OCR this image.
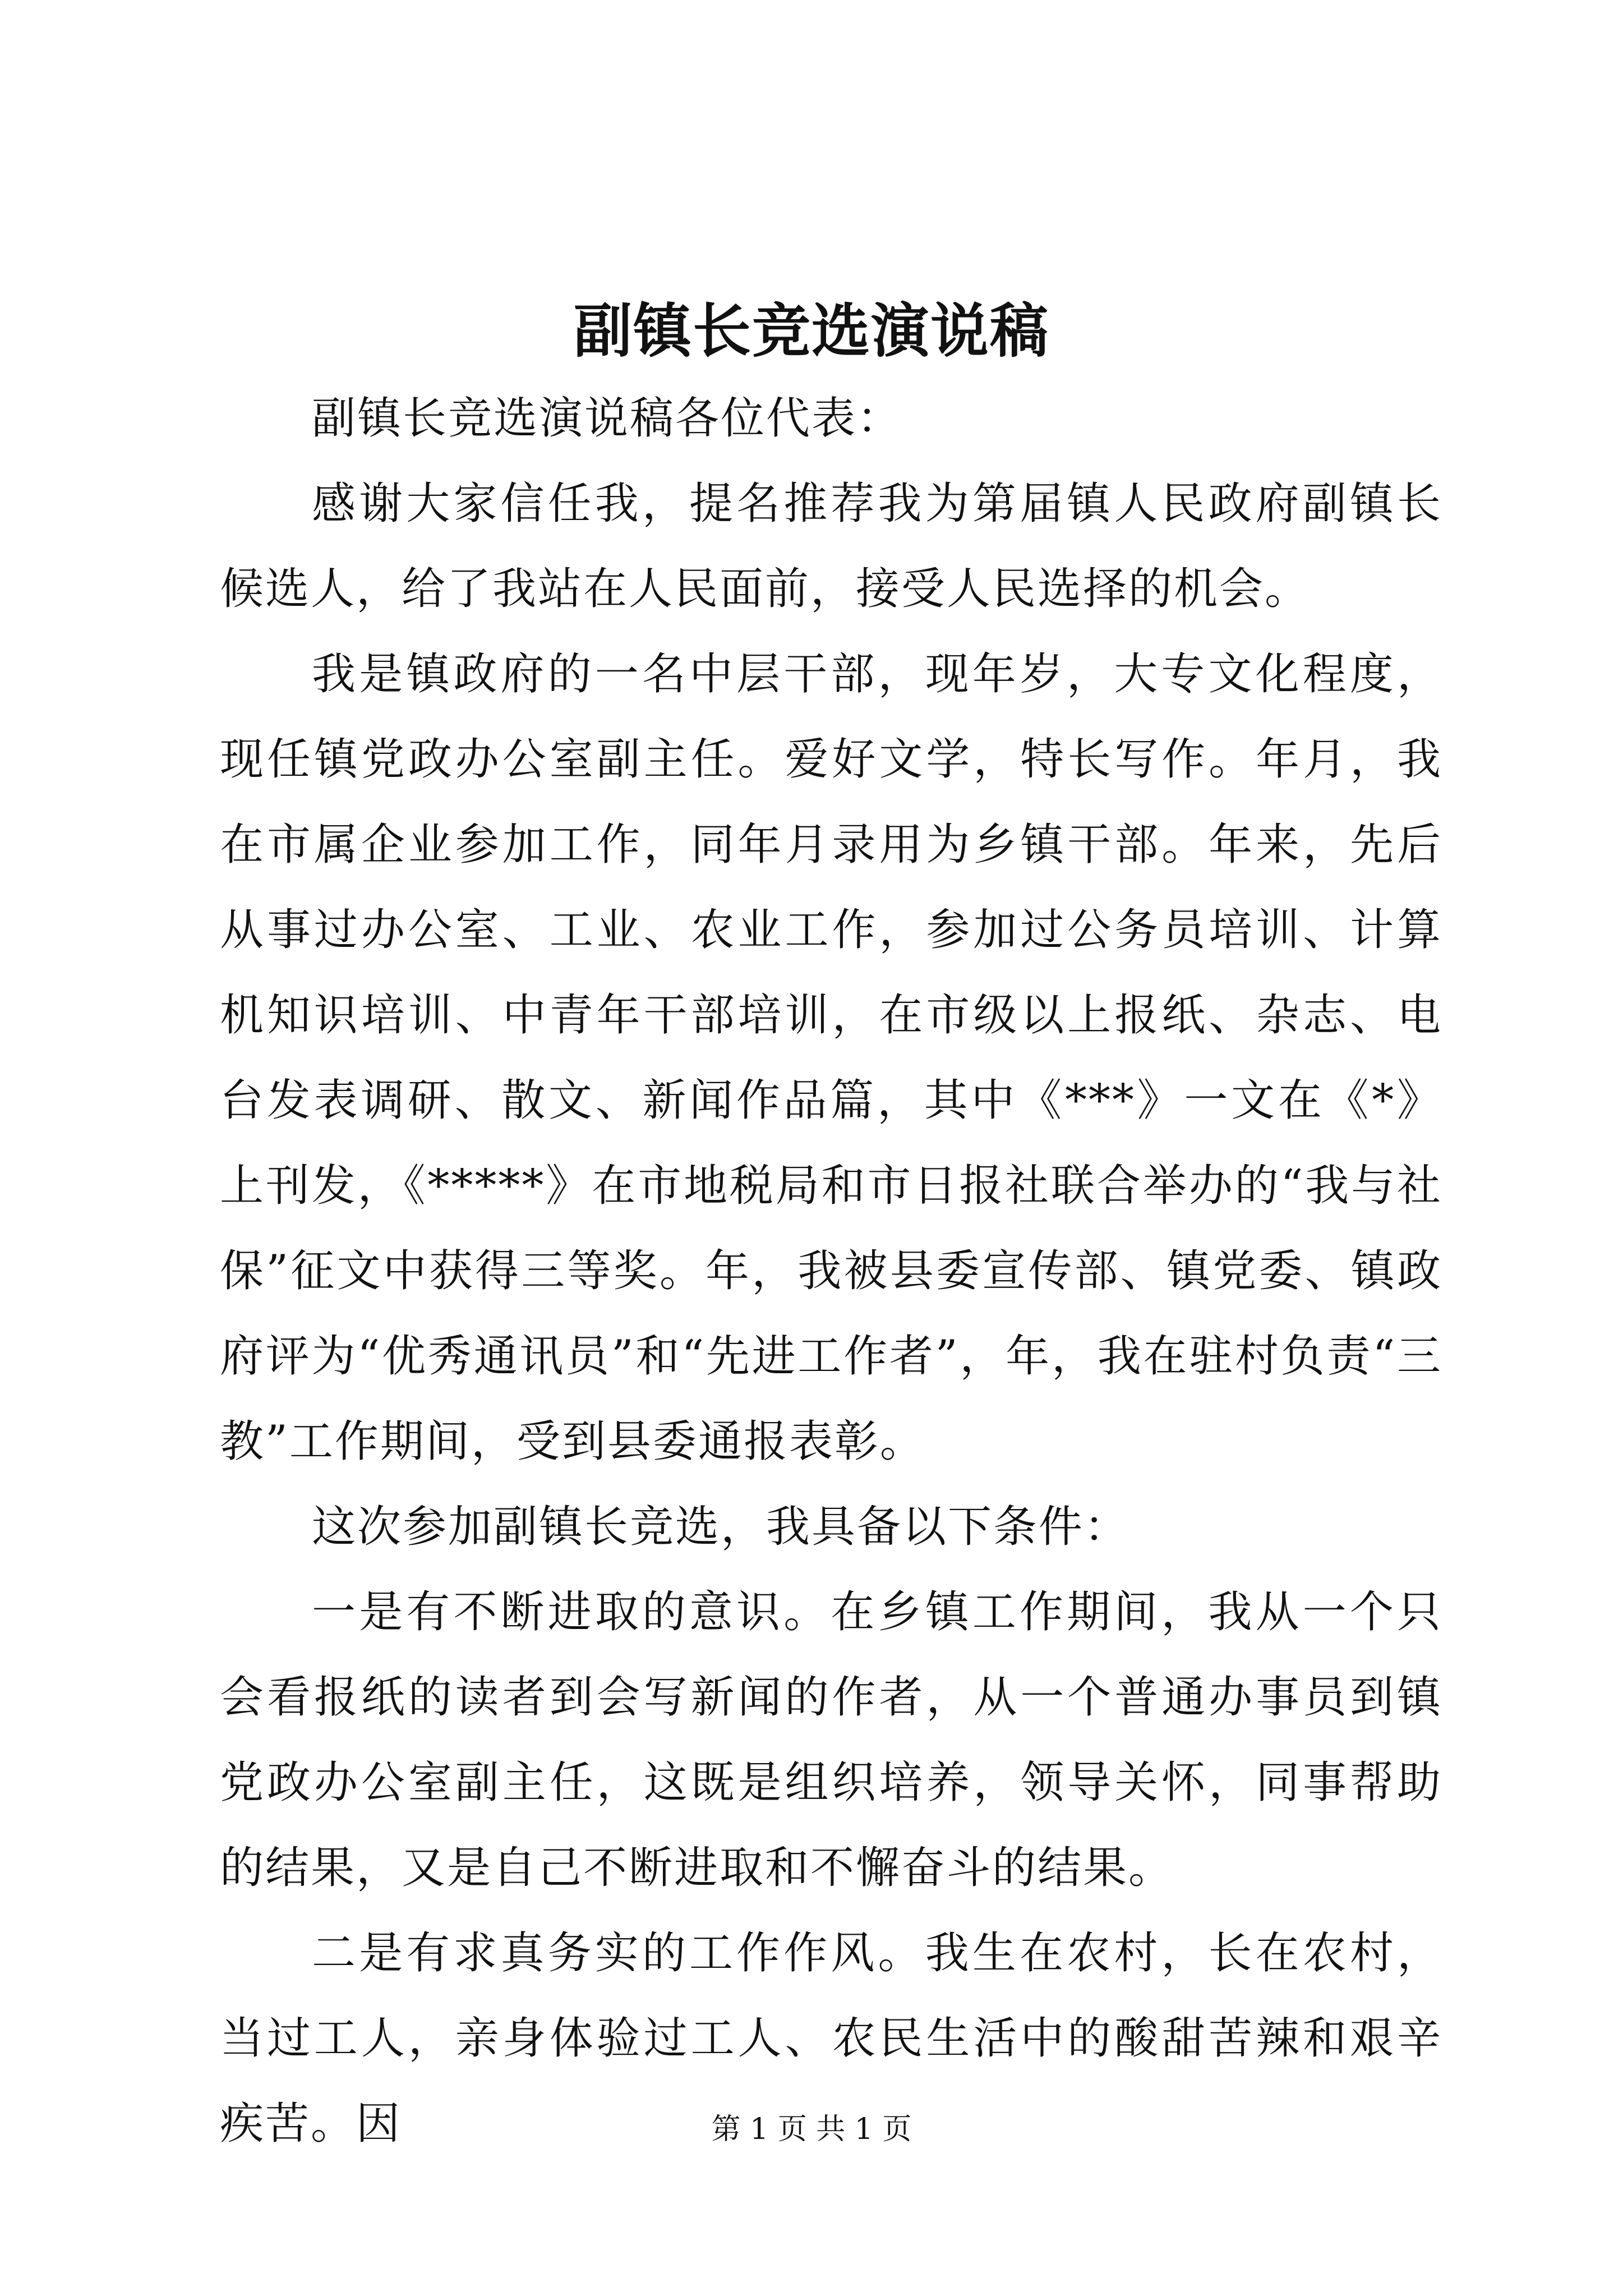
副镇长竞选演说稿

副镇长竞选演说稿各位代表：

感谢大家信任我，提名推荐我为第届镇人民政府副镇长候选人，给了我站在人民面前，接受人民选择的机会。

我是镇政府的一名中层干部，现年岁，大专文化程度，现任镇党政办公室副主任。爱好文学，特长写作。年月，我在市属企业参加工作，同年月录用为乡镇干部。年来，先后从事过办公室、工业、农业工作，参加过公务员培训、计算机知识培训、中青年干部培训，在市级以上报纸、杂志、电台发表调研、散文、新闻作品篇，其中《***》一文在《*》上刊发，《*****》在市地税局和市日报社联合举办的“我与社保”征文中获得三等奖。年，我被县委宣传部、镇党委、镇政府评为“优秀通讯员”和“先进工作者”，年，我在驻村负责“三教”工作期间，受到县委通报表彰。

这次参加副镇长竞选，我具备以下条件：

一是有不断进取的意识。在乡镇工作期间，我从一个只会看报纸的读者到会写新闻的作者，从一个普通办事员到镇党政办公室副主任，这既是组织培养，领导关怀，同事帮助的结果，又是自己不断进取和不懈奋斗的结果。

二是有求真务实的工作作风。我生在农村，长在农村，当过工人，亲身体验过工人、农民生活中的酸甜苦辣和艰辛疾苦。因	第 1 页 共 1 页
